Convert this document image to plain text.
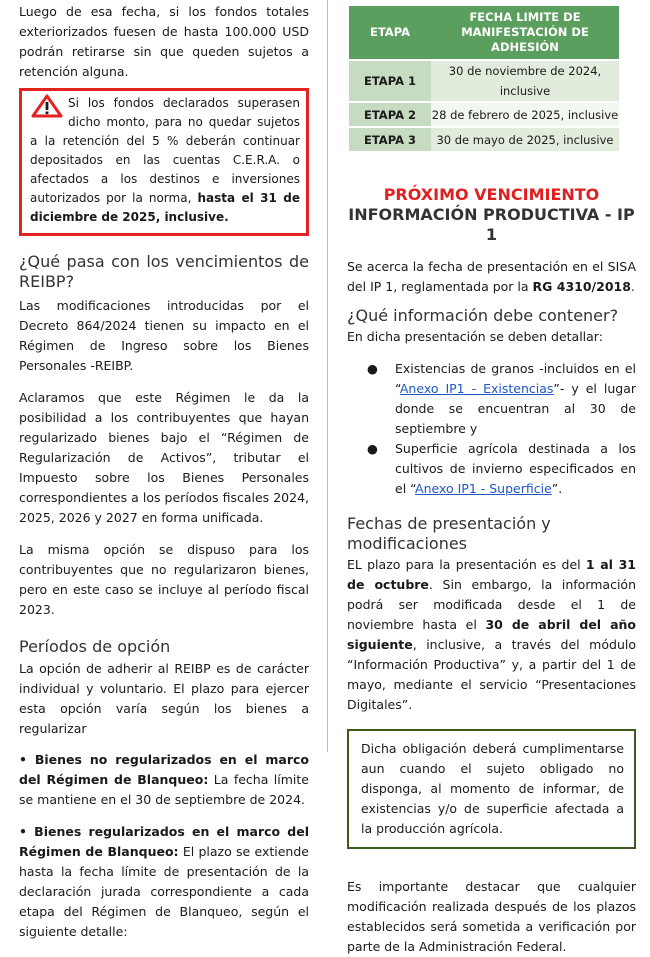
Luego de esa fecha, si los fondos totales exteriorizados fuesen de hasta 100.000 USD podrán retirarse sin que queden sujetos a retención alguna.

Si los fondos declarados superasen dicho monto, para no quedar sujetos a la retención del 5 % deberán continuar depositados en las cuentas C.E.R.A. o afectados a los destinos e inversiones autorizados por la norma, hasta el 31 de diciembre de 2025, inclusive.
¿Qué pasa con los vencimientos de REIBP?

Las modificaciones introducidas por el Decreto 864/2024 tienen su impacto en el Régimen de Ingreso sobre los Bienes Personales -REIBP.

Aclaramos que este Régimen le da la posibilidad a los contribuyentes que hayan regularizado bienes bajo el “Régimen de Regularización de Activos”, tributar el Impuesto sobre los Bienes Personales correspondientes a los períodos fiscales 2024, 2025, 2026 y 2027 en forma unificada.

La misma opción se dispuso para los contribuyentes que no regularizaron bienes, pero en este caso se incluye al período fiscal 2023.

Períodos de opción

La opción de adherir al REIBP es de carácter individual y voluntario. El plazo para ejercer esta opción varía según los bienes a regularizar

• Bienes no regularizados en el marco del Régimen de Blanqueo: La fecha límite se mantiene en el 30 de septiembre de 2024.

• Bienes regularizados en el marco del Régimen de Blanqueo: El plazo se extiende hasta la fecha límite de presentación de la declaración jurada correspondiente a cada etapa del Régimen de Blanqueo, según el siguiente detalle:

ETAPA	FECHA LIMITE DE MANIFESTACIÓN DE ADHESIÓN
ETAPA 1	30 de noviembre de 2024, inclusive
ETAPA 2	28 de febrero de 2025, inclusive
ETAPA 3	30 de mayo de 2025, inclusive
PRÓXIMO VENCIMIENTO
INFORMACIÓN PRODUCTIVA - IP 1

Se acerca la fecha de presentación en el SISA del IP 1, reglamentada por la RG 4310/2018.

¿Qué información debe contener?

En dicha presentación se deben detallar:

● Existencias de granos -incluidos en el “Anexo IP1 - Existencias”- y el lugar donde se encuentran al 30 de septiembre y
● Superficie agrícola destinada a los cultivos de invierno especificados en el “Anexo IP1 - Superficie”.
Fechas de presentación y modificaciones

EL plazo para la presentación es del 1 al 31 de octubre. Sin embargo, la información podrá ser modificada desde el 1 de noviembre hasta el 30 de abril del año siguiente, inclusive, a través del módulo “Información Productiva” y, a partir del 1 de mayo, mediante el servicio “Presentaciones Digitales”.

Dicha obligación deberá cumplimentarse aun cuando el sujeto obligado no disponga, al momento de informar, de existencias y/o de superficie afectada a la producción agrícola.

Es importante destacar que cualquier modificación realizada después de los plazos establecidos será sometida a verificación por parte de la Administración Federal.
